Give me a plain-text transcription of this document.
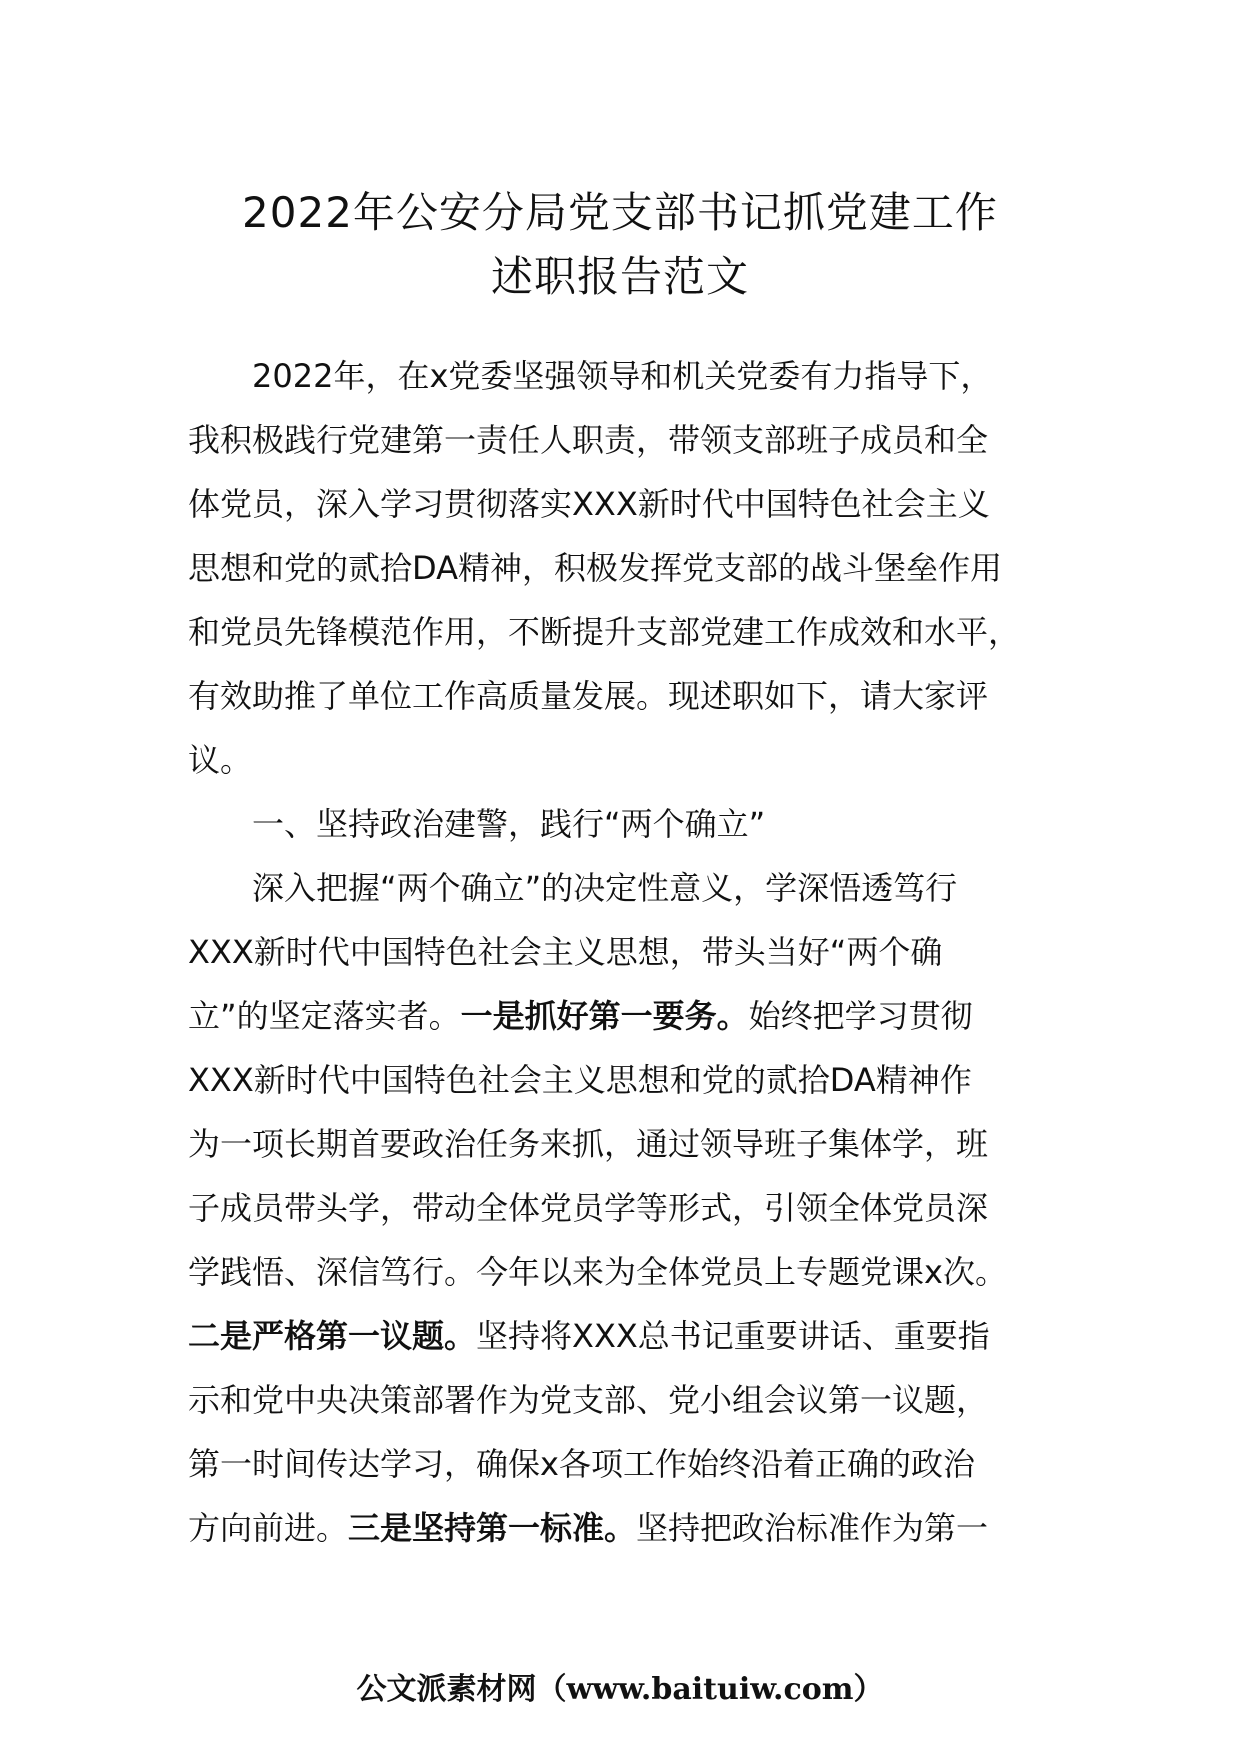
2022年公安分局党支部书记抓党建工作
述职报告范文

2022年，在x党委坚强领导和机关党委有力指导下，

我积极践行党建第一责任人职责，带领支部班子成员和全

体党员，深入学习贯彻落实XXX新时代中国特色社会主义

思想和党的贰拾DA精神，积极发挥党支部的战斗堡垒作用

和党员先锋模范作用，不断提升支部党建工作成效和水平，

有效助推了单位工作高质量发展。现述职如下，请大家评

议。

一、坚持政治建警，践行“两个确立”

深入把握“两个确立”的决定性意义，学深悟透笃行

XXX新时代中国特色社会主义思想，带头当好“两个确

立”的坚定落实者。一是抓好第一要务。始终把学习贯彻

XXX新时代中国特色社会主义思想和党的贰拾DA精神作

为一项长期首要政治任务来抓，通过领导班子集体学，班

子成员带头学，带动全体党员学等形式，引领全体党员深

学践悟、深信笃行。今年以来为全体党员上专题党课x次。

二是严格第一议题。坚持将XXX总书记重要讲话、重要指

示和党中央决策部署作为党支部、党小组会议第一议题，

第一时间传达学习，确保x各项工作始终沿着正确的政治

方向前进。三是坚持第一标准。坚持把政治标准作为第一

公文派素材网（www.baituiw.com）
